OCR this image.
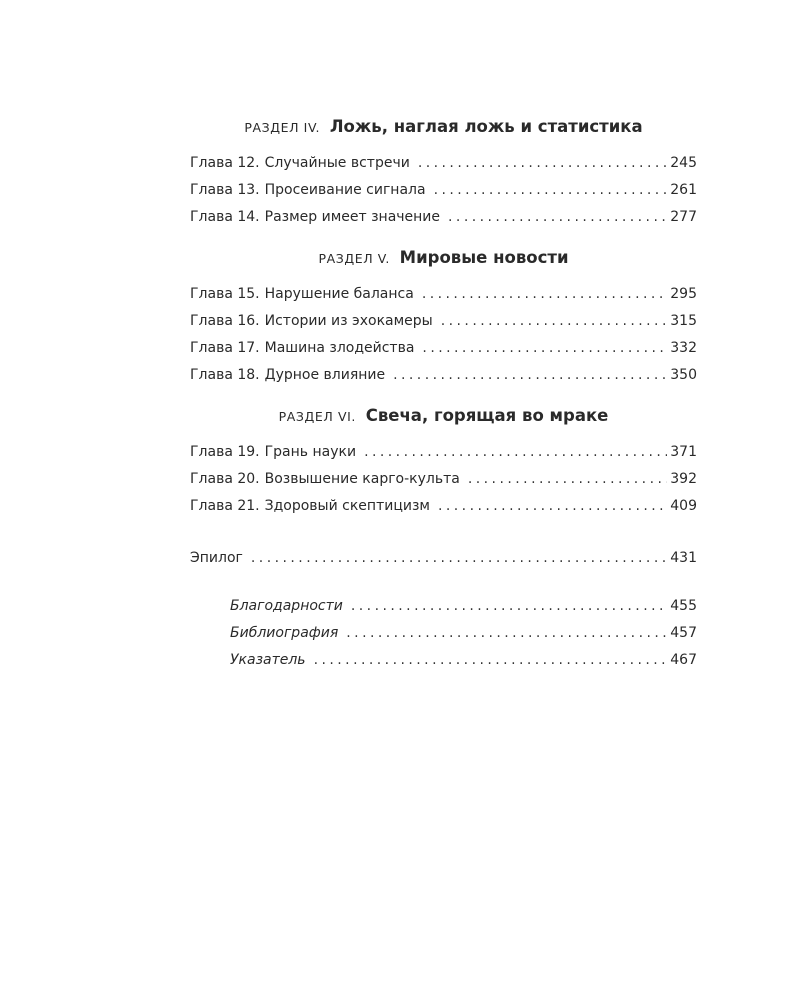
РАЗДЕЛ IV. Ложь, наглая ложь и статистика
Глава 12. Случайные встречи . . .	245
Глава 13. Просеивание сигнала . . .	261
Глава 14. Размер имеет значение . . .	277
РАЗДЕЛ V. Мировые новости
Глава 15. Нарушение баланса . . .	295
Глава 16. Истории из эхокамеры . . .	315
Глава 17. Машина злодейства . . .	332
Глава 18. Дурное влияние . . .	350
РАЗДЕЛ VI. Свеча, горящая во мраке
Глава 19. Грань науки . . .	371
Глава 20. Возвышение карго-культа . . .	392
Глава 21. Здоровый скептицизм . . .	409
Эпилог . . .	431
Благодарности . . .	455
Библиография . . .	457
Указатель . . .	467
